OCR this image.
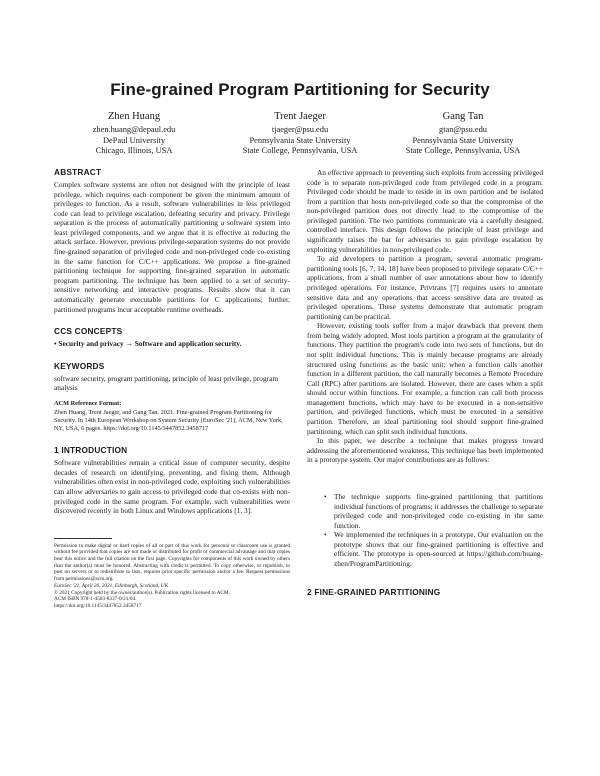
Fine-grained Program Partitioning for Security
Zhen Huang
zhen.huang@depaul.edu
DePaul University
Chicago, Illinois, USA
Trent Jaeger
tjaeger@psu.edu
Pennsylvania State University
State College, Pennsylvania, USA
Gang Tan
gtan@psu.edu
Pennsylvania State University
State College, Pennsylvania, USA
ABSTRACT

Complex software systems are often not designed with the principle of least privilege, which requires each component be given the minimum amount of privileges to function. As a result, software vulnerabilities in less privileged code can lead to privilege escalation, defeating security and privacy. Privilege separation is the process of automatically partitioning a software system into least privileged components, and we argue that it is effective at reducing the attack surface. However, previous privilege-separation systems do not provide fine-grained separation of privileged code and non-privileged code co-existing in the same function for C/C++ applications. We propose a fine-grained partitioning technique for supporting fine-grained separation in automatic program partitioning. The technique has been applied to a set of security-sensitive networking and interactive programs. Results show that it can automatically generate executable partitions for C applications; further, partitioned programs incur acceptable runtime overheads.

CCS CONCEPTS

• Security and privacy → Software and application security.

KEYWORDS

software security, program partitioning, principle of least privilege, program analysis

ACM Reference Format:
Zhen Huang, Trent Jaeger, and Gang Tan. 2021. Fine-grained Program Partitioning for Security. In 14th European Workshop on System Security (EuroSec '21), ACM, New York, NY, USA, 6 pages. https://doi.org/10.1145/3447852.3458717
1 INTRODUCTION

Software vulnerabilities remain a critical issue of computer security, despite decades of research on identifying, preventing, and fixing them. Although vulnerabilities often exist in non-privileged code, exploiting such vulnerabilities can allow adversaries to gain access to privileged code that co-exists with non-privileged code in the same program. For example, such vulnerabilities were discovered recently in both Linux and Windows applications [1, 3].

Permission to make digital or hard copies of all or part of this work for personal or classroom use is granted without fee provided that copies are not made or distributed for profit or commercial advantage and that copies bear this notice and the full citation on the first page. Copyrights for components of this work owned by others than the author(s) must be honored. Abstracting with credit is permitted. To copy otherwise, or republish, to post on servers or to redistribute to lists, requires prior specific permission and/or a fee. Request permissions from permissions@acm.org.
EuroSec '21, April 26, 2021, Edinburgh, Scotland, UK
© 2021 Copyright held by the owner/author(s). Publication rights licensed to ACM.
ACM ISBN 978-1-4503-8337-0/21/04.
https://doi.org/10.1145/3447852.3458717

An effective approach to preventing such exploits from accessing privileged code is to separate non-privileged code from privileged code in a program. Privileged code should be made to reside in its own partition and be isolated from a partition that hosts non-privileged code so that the compromise of the non-privileged partition does not directly lead to the compromise of the privileged partition. The two partitions communicate via a carefully designed, controlled interface. This design follows the principle of least privilege and significantly raises the bar for adversaries to gain privilege escalation by exploiting vulnerabilities in non-privileged code.

To aid developers to partition a program, several automatic program-partitioning tools [6, 7, 14, 18] have been proposed to privilege separate C/C++ applications, from a small number of user annotations about how to identify privileged operations. For instance, Privtrans [7] requires users to annotate sensitive data and any operations that access sensitive data are treated as privileged operations. These systems demonstrate that automatic program partitioning can be practical.

However, existing tools suffer from a major drawback that prevent them from being widely adopted. Most tools partition a program at the granularity of functions. They partition the program's code into two sets of functions, but do not split individual functions. This is mainly because programs are already structured using functions as the basic unit; when a function calls another function in a different partition, the call naturally becomes a Remote Procedure Call (RPC) after partitions are isolated. However, there are cases when a split should occur within functions. For example, a function can call both process management functions, which may have to be executed in a non-sensitive partition, and privileged functions, which must be executed in a sensitive partition. Therefore, an ideal partitioning tool should support fine-grained partitioning, which can split such individual functions.

In this paper, we describe a technique that makes progress toward addressing the aforementioned weakness. This technique has been implemented in a prototype system. Our major contributions are as follows:

• The technique supports fine-grained partitioning that partitions individual functions of programs; it addresses the challenge to separate privileged code and non-privileged code co-existing in the same function.
• We implemented the techniques in a prototype. Our evaluation on the prototype shows that our fine-grained partitioning is effective and efficient. The prototype is open-sourced at https://github.com/huang-zhen/ProgramPartitioning.
2 FINE-GRAINED PARTITIONING
